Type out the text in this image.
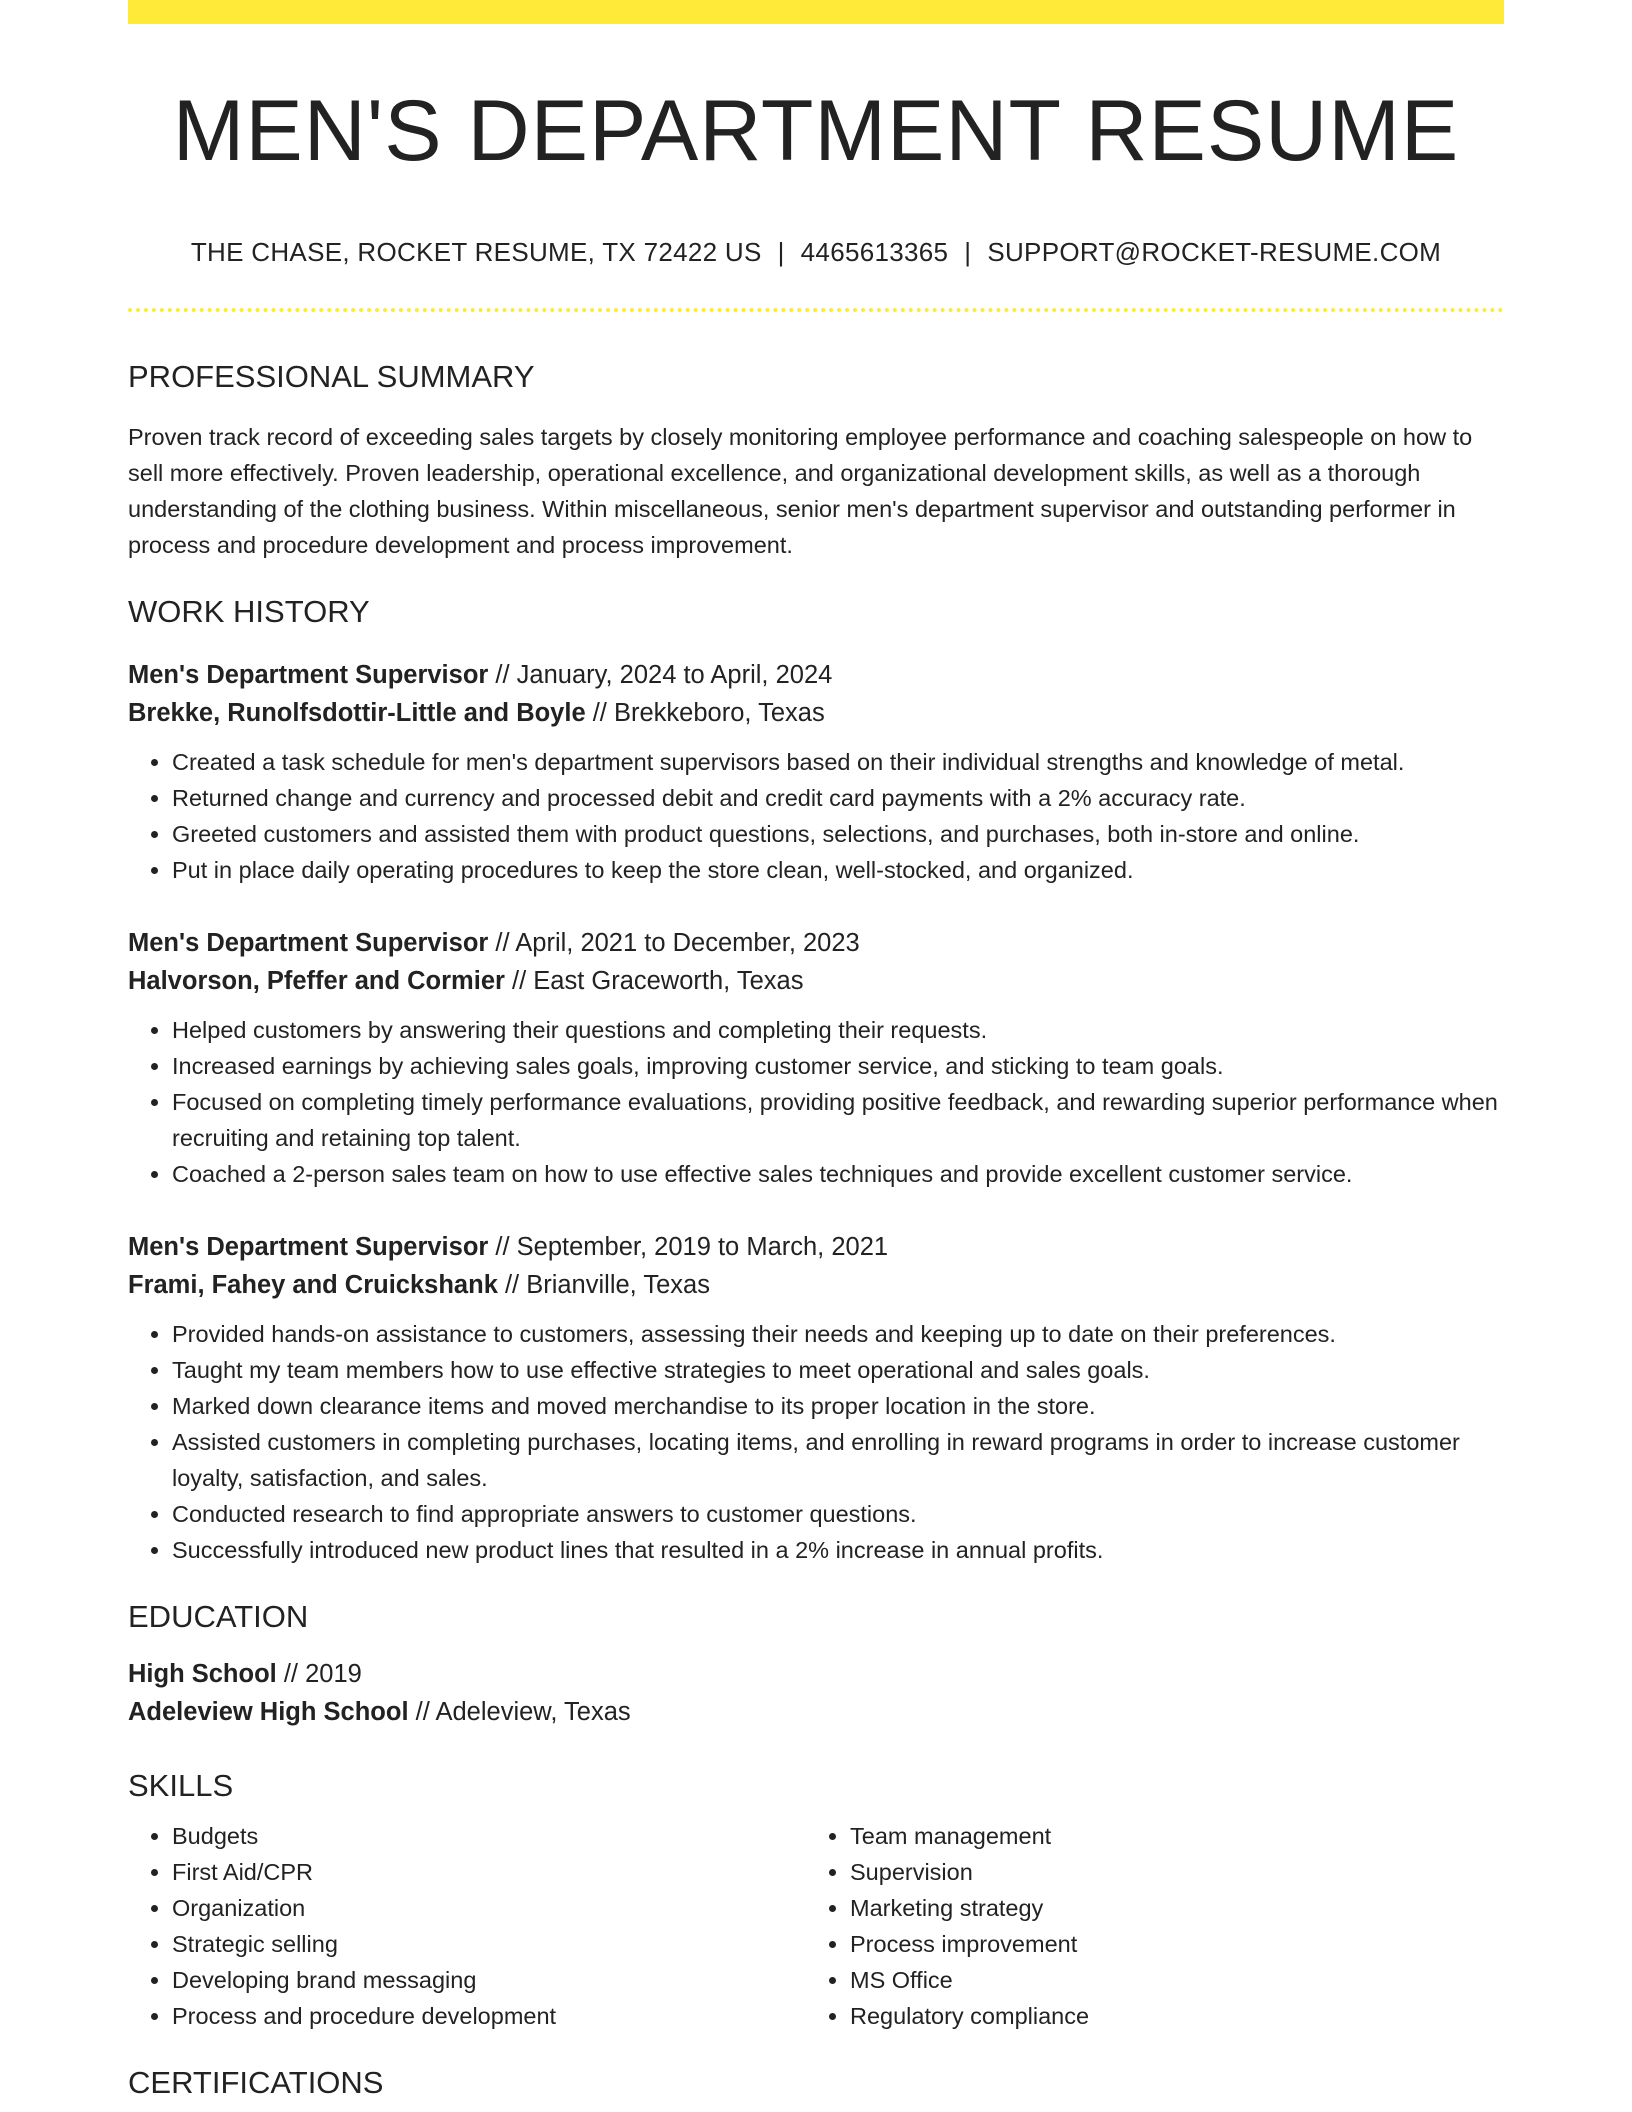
MEN'S DEPARTMENT RESUME
THE CHASE, ROCKET RESUME, TX 72422 US | 4465613365 | SUPPORT@ROCKET-RESUME.COM
PROFESSIONAL SUMMARY

Proven track record of exceeding sales targets by closely monitoring employee performance and coaching salespeople on how to sell more effectively. Proven leadership, operational excellence, and organizational development skills, as well as a thorough understanding of the clothing business. Within miscellaneous, senior men's department supervisor and outstanding performer in process and procedure development and process improvement.

WORK HISTORY
Men's Department Supervisor // January, 2024 to April, 2024
Brekke, Runolfsdottir-Little and Boyle // Brekkeboro, Texas
• Created a task schedule for men's department supervisors based on their individual strengths and knowledge of metal.
• Returned change and currency and processed debit and credit card payments with a 2% accuracy rate.
• Greeted customers and assisted them with product questions, selections, and purchases, both in-store and online.
• Put in place daily operating procedures to keep the store clean, well-stocked, and organized.
Men's Department Supervisor // April, 2021 to December, 2023
Halvorson, Pfeffer and Cormier // East Graceworth, Texas
• Helped customers by answering their questions and completing their requests.
• Increased earnings by achieving sales goals, improving customer service, and sticking to team goals.
• Focused on completing timely performance evaluations, providing positive feedback, and rewarding superior performance when recruiting and retaining top talent.
• Coached a 2-person sales team on how to use effective sales techniques and provide excellent customer service.
Men's Department Supervisor // September, 2019 to March, 2021
Frami, Fahey and Cruickshank // Brianville, Texas
• Provided hands-on assistance to customers, assessing their needs and keeping up to date on their preferences.
• Taught my team members how to use effective strategies to meet operational and sales goals.
• Marked down clearance items and moved merchandise to its proper location in the store.
• Assisted customers in completing purchases, locating items, and enrolling in reward programs in order to increase customer loyalty, satisfaction, and sales.
• Conducted research to find appropriate answers to customer questions.
• Successfully introduced new product lines that resulted in a 2% increase in annual profits.
EDUCATION
High School // 2019
Adeleview High School // Adeleview, Texas
SKILLS
• Budgets
• First Aid/CPR
• Organization
• Strategic selling
• Developing brand messaging
• Process and procedure development
• Team management
• Supervision
• Marketing strategy
• Process improvement
• MS Office
• Regulatory compliance
CERTIFICATIONS
